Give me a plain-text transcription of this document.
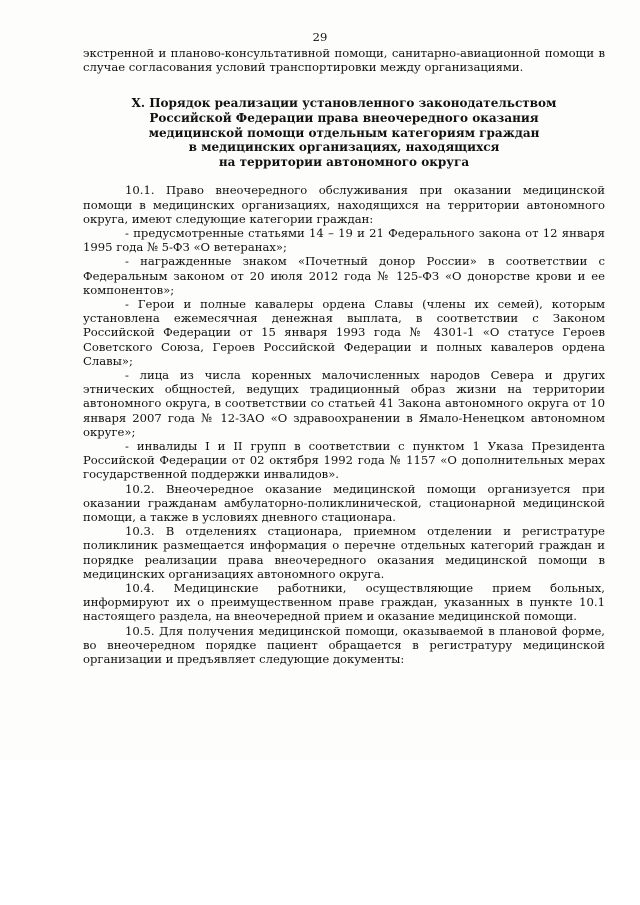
29

экстренной и планово-консультативной помощи, санитарно-авиационной помощи в случае согласования условий транспортировки между организациями.

X. Порядок реализации установленного законодательством
Российской Федерации права внеочередного оказания
медицинской помощи отдельным категориям граждан
в медицинских организациях, находящихся
на территории автономного округа

10.1. Право внеочередного обслуживания при оказании медицинской помощи в медицинских организациях, находящихся на территории автономного округа, имеют следующие категории граждан:

- предусмотренные статьями 14 – 19 и 21 Федерального закона от 12 января 1995 года № 5-ФЗ «О ветеранах»;

- награжденные знаком «Почетный донор России» в соответствии с Федеральным законом от 20 июля 2012 года № 125-ФЗ «О донорстве крови и ее компонентов»;

- Герои и полные кавалеры ордена Славы (члены их семей), которым установлена ежемесячная денежная выплата, в соответствии с Законом Российской Федерации от 15 января 1993 года № 4301-1 «О статусе Героев Советского Союза, Героев Российской Федерации и полных кавалеров ордена Славы»;

- лица из числа коренных малочисленных народов Севера и других этнических общностей, ведущих традиционный образ жизни на территории автономного округа, в соответствии со статьей 41 Закона автономного округа от 10 января 2007 года № 12-ЗАО «О здравоохранении в Ямало-Ненецком автономном округе»;

- инвалиды I и II групп в соответствии с пунктом 1 Указа Президента Российской Федерации от 02 октября 1992 года № 1157 «О дополнительных мерах государственной поддержки инвалидов».

10.2. Внеочередное оказание медицинской помощи организуется при оказании гражданам амбулаторно-поликлинической, стационарной медицинской помощи, а также в условиях дневного стационара.

10.3. В отделениях стационара, приемном отделении и регистратуре поликлиник размещается информация о перечне отдельных категорий граждан и порядке реализации права внеочередного оказания медицинской помощи в медицинских организациях автономного округа.

10.4. Медицинские работники, осуществляющие прием больных, информируют их о преимущественном праве граждан, указанных в пункте 10.1 настоящего раздела, на внеочередной прием и оказание медицинской помощи.

10.5. Для получения медицинской помощи, оказываемой в плановой форме, во внеочередном порядке пациент обращается в регистратуру медицинской организации и предъявляет следующие документы:
